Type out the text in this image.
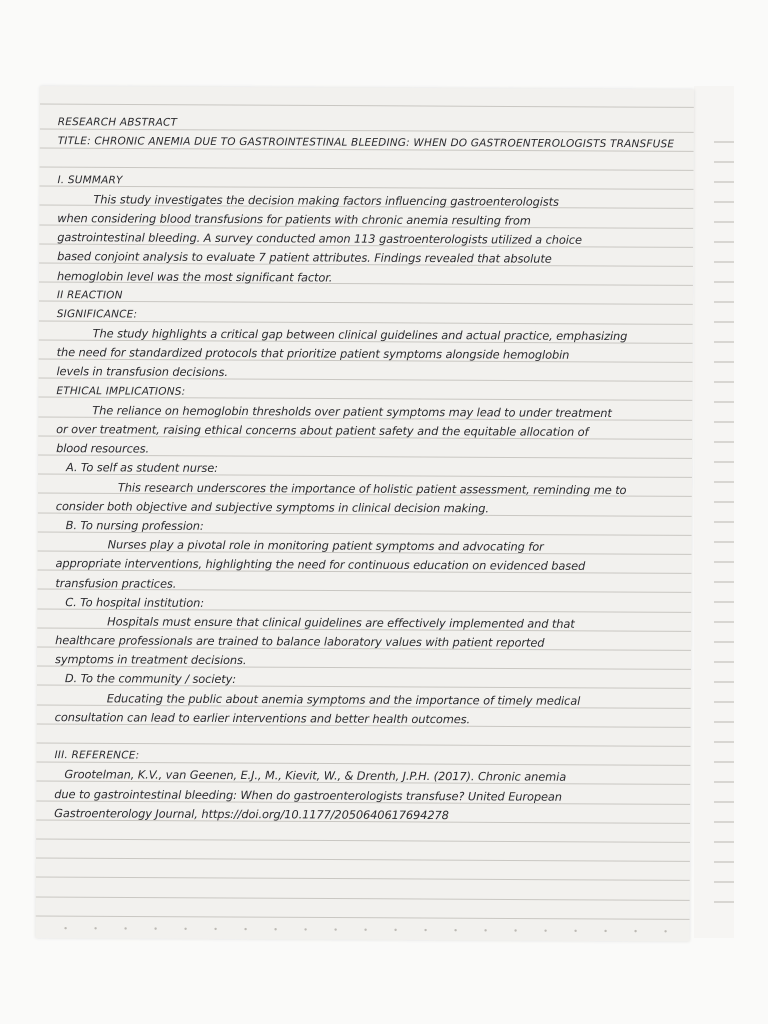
RESEARCH ABSTRACT
TITLE: CHRONIC ANEMIA DUE TO GASTROINTESTINAL BLEEDING: WHEN DO GASTROENTEROLOGISTS TRANSFUSE
I. SUMMARY
This study investigates the decision making factors influencing gastroenterologists
when considering blood transfusions for patients with chronic anemia resulting from
gastrointestinal bleeding. A survey conducted amon 113 gastroenterologists utilized a choice
based conjoint analysis to evaluate 7 patient attributes. Findings revealed that absolute
hemoglobin level was the most significant factor.
II REACTION
SIGNIFICANCE:
The study highlights a critical gap between clinical guidelines and actual practice, emphasizing
the need for standardized protocols that prioritize patient symptoms alongside hemoglobin
levels in transfusion decisions.
ETHICAL IMPLICATIONS:
The reliance on hemoglobin thresholds over patient symptoms may lead to under treatment
or over treatment, raising ethical concerns about patient safety and the equitable allocation of
blood resources.
A. To self as student nurse:
This research underscores the importance of holistic patient assessment, reminding me to
consider both objective and subjective symptoms in clinical decision making.
B. To nursing profession:
Nurses play a pivotal role in monitoring patient symptoms and advocating for
appropriate interventions, highlighting the need for continuous education on evidenced based
transfusion practices.
C. To hospital institution:
Hospitals must ensure that clinical guidelines are effectively implemented and that
healthcare professionals are trained to balance laboratory values with patient reported
symptoms in treatment decisions.
D. To the community / society:
Educating the public about anemia symptoms and the importance of timely medical
consultation can lead to earlier interventions and better health outcomes.
III. REFERENCE:
Grootelman, K.V., van Geenen, E.J., M., Kievit, W., & Drenth, J.P.H. (2017). Chronic anemia
due to gastrointestinal bleeding: When do gastroenterologists transfuse? United European
Gastroenterology Journal, https://doi.org/10.1177/2050640617694278
